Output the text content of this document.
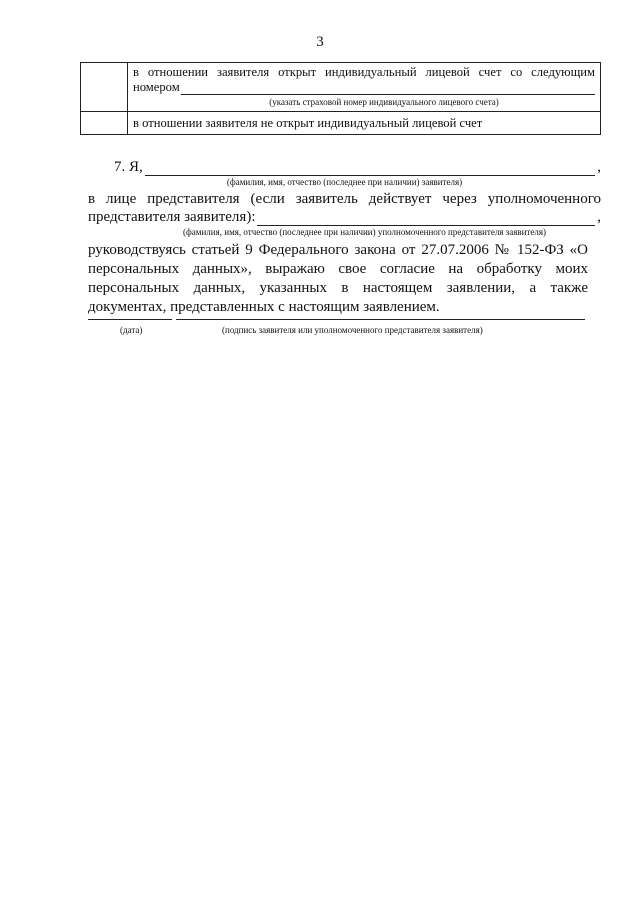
3

	в отношении заявителя открыт индивидуальный лицевой счет со следующим
номером
(указать страховой номер индивидуального лицевого счета)

	в отношении заявителя не открыт индивидуальный лицевой счет
7. Я,	,
(фамилия, имя, отчество (последнее при наличии) заявителя)
в лице представителя (если заявитель действует через уполномоченного
представителя заявителя):	,
(фамилия, имя, отчество (последнее при наличии) уполномоченного представителя заявителя)
руководствуясь статьей 9 Федерального закона от 27.07.2006 № 152-ФЗ «О персональных данных», выражаю свое согласие на обработку моих персональных данных, указанных в настоящем заявлении, а также документах, представленных с настоящим заявлением.
(дата)	(подпись заявителя или уполномоченного представителя заявителя)
